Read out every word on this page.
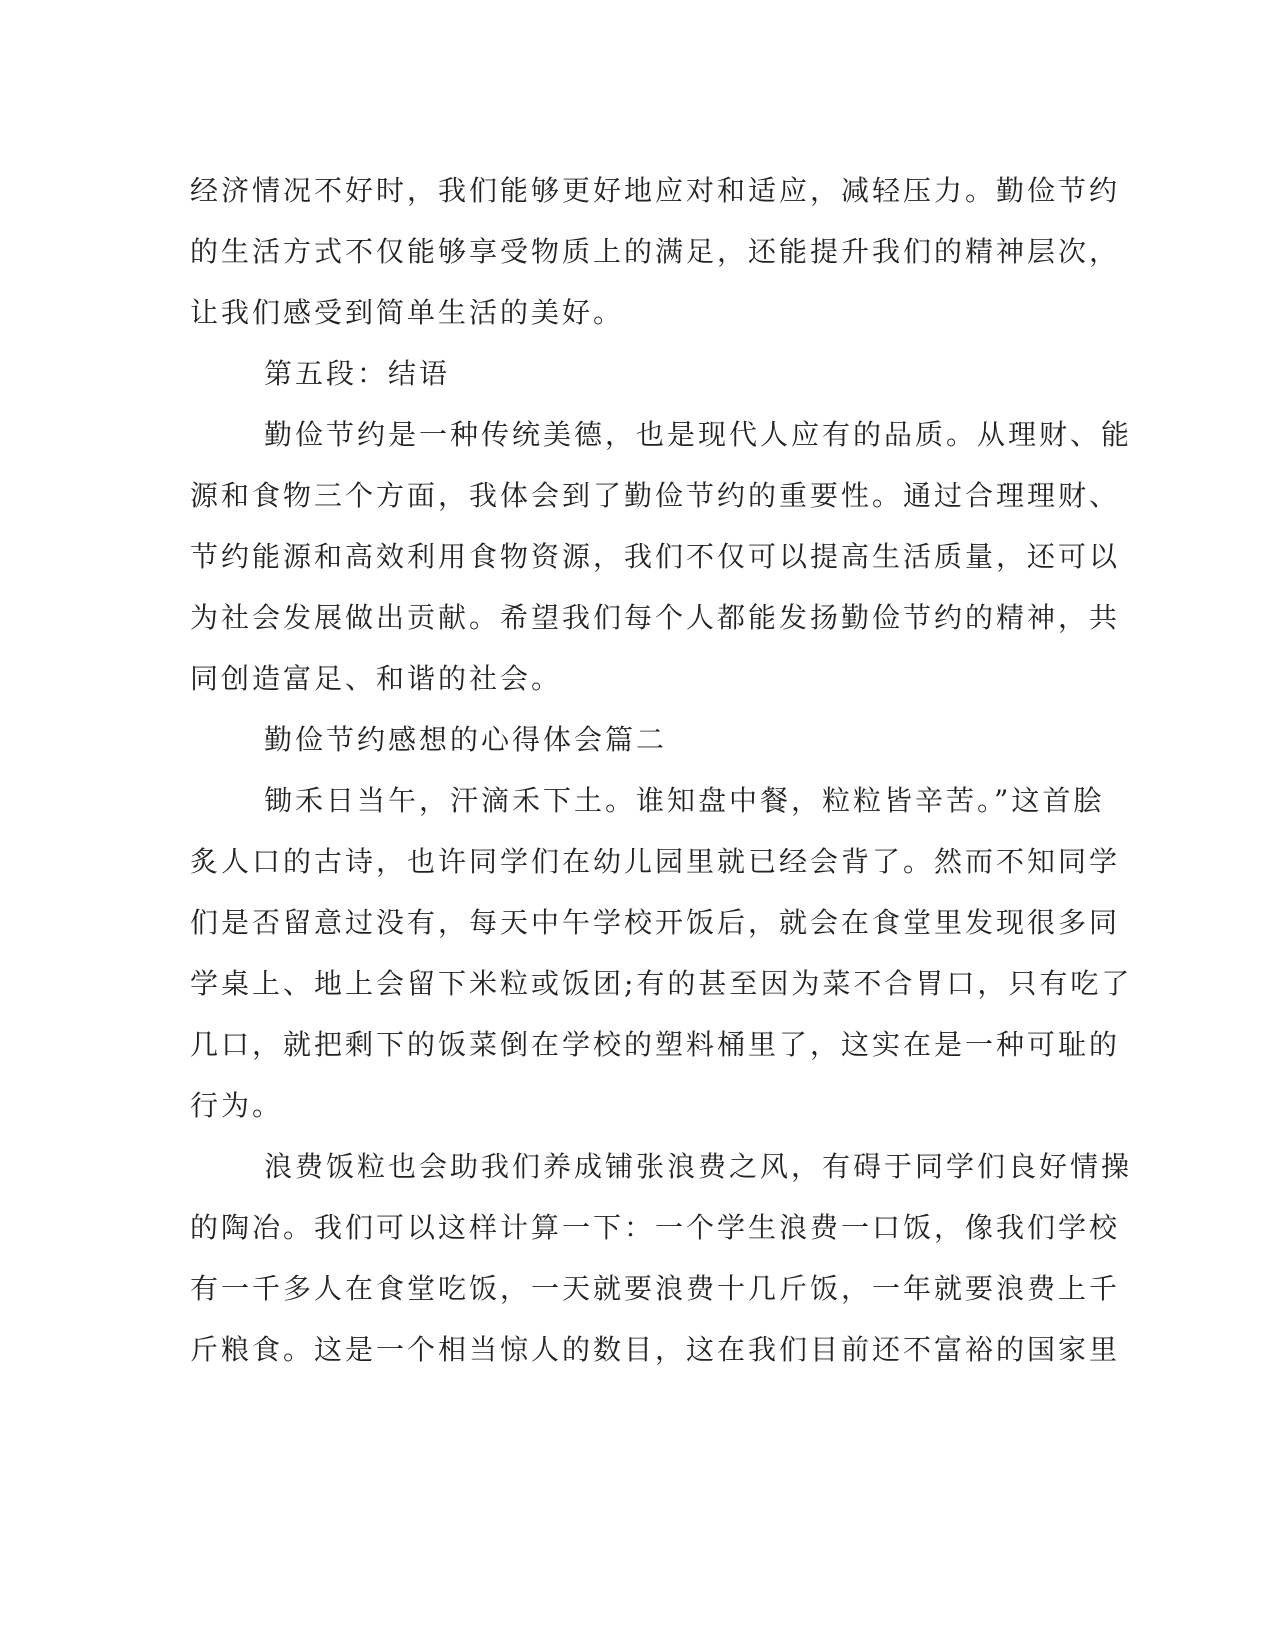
经济情况不好时，我们能够更好地应对和适应，减轻压力。勤俭节约
的生活方式不仅能够享受物质上的满足，还能提升我们的精神层次，
让我们感受到简单生活的美好。
第五段：结语
勤俭节约是一种传统美德，也是现代人应有的品质。从理财、能
源和食物三个方面，我体会到了勤俭节约的重要性。通过合理理财、
节约能源和高效利用食物资源，我们不仅可以提高生活质量，还可以
为社会发展做出贡献。希望我们每个人都能发扬勤俭节约的精神，共
同创造富足、和谐的社会。
勤俭节约感想的心得体会篇二
锄禾日当午，汗滴禾下土。谁知盘中餐，粒粒皆辛苦。”这首脍
炙人口的古诗，也许同学们在幼儿园里就已经会背了。然而不知同学
们是否留意过没有，每天中午学校开饭后，就会在食堂里发现很多同
学桌上、地上会留下米粒或饭团;有的甚至因为菜不合胃口，只有吃了
几口，就把剩下的饭菜倒在学校的塑料桶里了，这实在是一种可耻的
行为。
浪费饭粒也会助我们养成铺张浪费之风，有碍于同学们良好情操
的陶冶。我们可以这样计算一下：一个学生浪费一口饭，像我们学校
有一千多人在食堂吃饭，一天就要浪费十几斤饭，一年就要浪费上千
斤粮食。这是一个相当惊人的数目，这在我们目前还不富裕的国家里
